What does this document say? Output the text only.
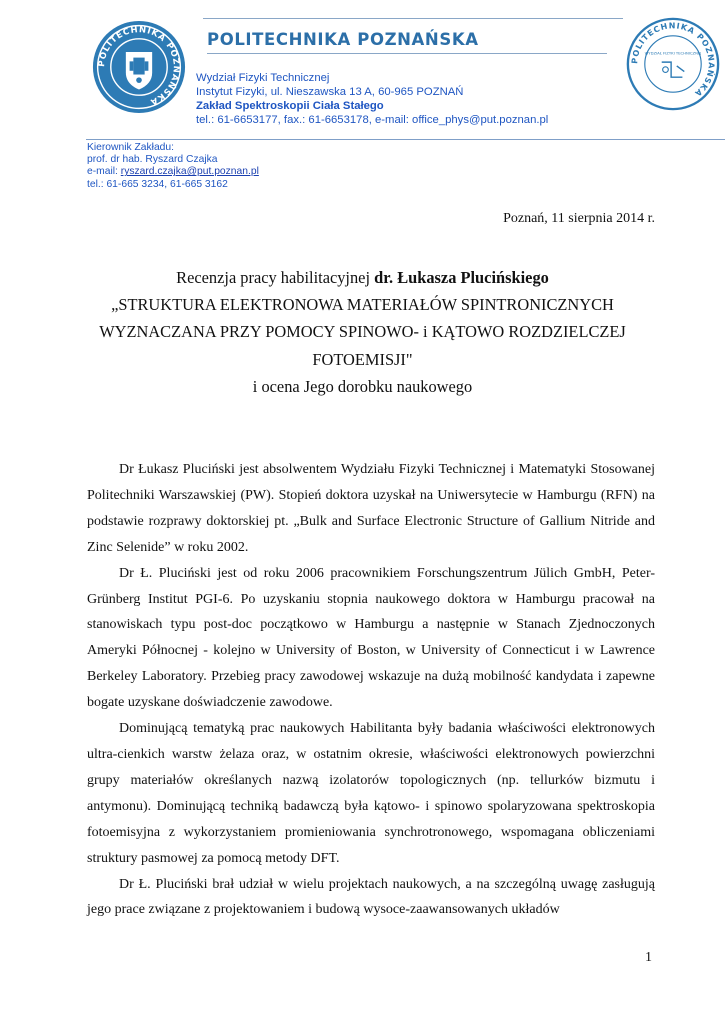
POLITECHNIKA POZNAŃSKA
POLITECHNIKA POZNAŃSKA
POLITECHNIKA POZNAŃSKA
WYDZIAŁ FIZYKI TECHNICZNEJ
Wydział Fizyki Technicznej
Instytut Fizyki, ul. Nieszawska 13 A, 60-965 POZNAŃ
Zakład Spektroskopii Ciała Stałego
tel.: 61-6653177, fax.: 61-6653178, e-mail: office_phys@put.poznan.pl
Kierownik Zakładu:
prof. dr hab. Ryszard Czajka
e-mail: ryszard.czajka@put.poznan.pl
tel.: 61-665 3234, 61-665 3162
Poznań, 11 sierpnia 2014 r.
Recenzja pracy habilitacyjnej dr. Łukasza Plucińskiego
„STRUKTURA ELEKTRONOWA MATERIAŁÓW SPINTRONICZNYCH
WYZNACZANA PRZY POMOCY SPINOWO- i KĄTOWO ROZDZIELCZEJ
FOTOEMISJI"
i ocena Jego dorobku naukowego

Dr Łukasz Pluciński jest absolwentem Wydziału Fizyki Technicznej i Matematyki Stosowanej Politechniki Warszawskiej (PW). Stopień doktora uzyskał na Uniwersytecie w Hamburgu (RFN) na podstawie rozprawy doktorskiej pt. „Bulk and Surface Electronic Structure of Gallium Nitride and Zinc Selenide” w roku 2002.

Dr Ł. Pluciński jest od roku 2006 pracownikiem Forschungszentrum Jülich GmbH, Peter-Grünberg Institut PGI-6. Po uzyskaniu stopnia naukowego doktora w Hamburgu pracował na stanowiskach typu post-doc początkowo w Hamburgu a następnie w Stanach Zjednoczonych Ameryki Północnej - kolejno w University of Boston, w University of Connecticut i w Lawrence Berkeley Laboratory. Przebieg pracy zawodowej wskazuje na dużą mobilność kandydata i zapewne bogate uzyskane doświadczenie zawodowe.

Dominującą tematyką prac naukowych Habilitanta były badania właściwości elektronowych ultra-cienkich warstw żelaza oraz, w ostatnim okresie, właściwości elektronowych powierzchni grupy materiałów określanych nazwą izolatorów topologicznych (np. tellurków bizmutu i antymonu). Dominującą techniką badawczą była kątowo- i spinowo spolaryzowana spektroskopia fotoemisyjna z wykorzystaniem promieniowania synchrotronowego, wspomagana obliczeniami struktury pasmowej za pomocą metody DFT.

Dr Ł. Pluciński brał udział w wielu projektach naukowych, a na szczególną uwagę zasługują jego prace związane z projektowaniem i budową wysoce-zaawansowanych układów

1
